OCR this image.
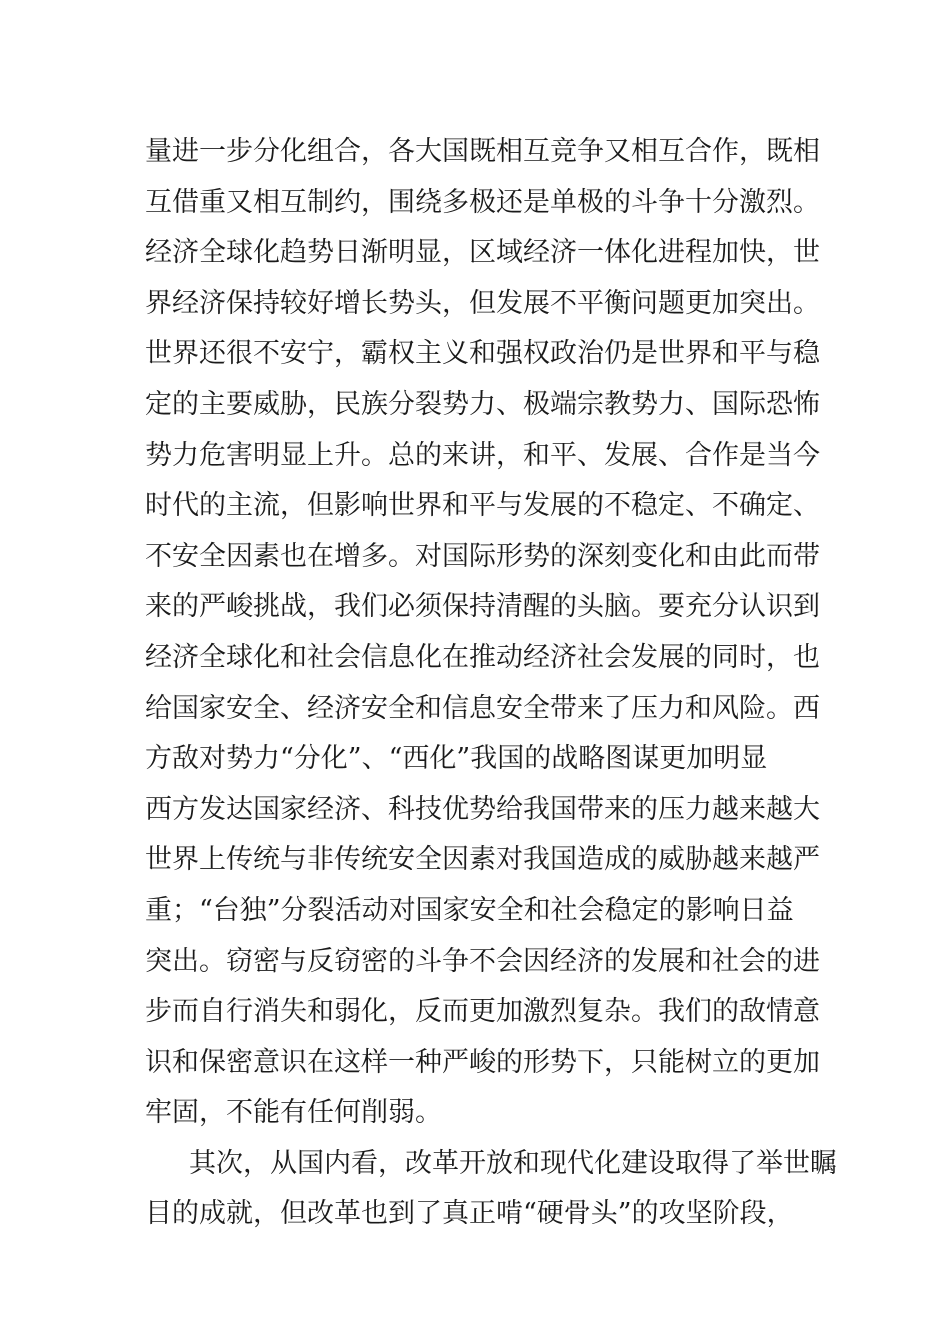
量进一步分化组合，各大国既相互竞争又相互合作，既相
互借重又相互制约，围绕多极还是单极的斗争十分激烈。
经济全球化趋势日渐明显，区域经济一体化进程加快，世
界经济保持较好增长势头，但发展不平衡问题更加突出。
世界还很不安宁，霸权主义和强权政治仍是世界和平与稳
定的主要威胁，民族分裂势力、极端宗教势力、国际恐怖
势力危害明显上升。总的来讲，和平、发展、合作是当今
时代的主流，但影响世界和平与发展的不稳定、不确定、
不安全因素也在增多。对国际形势的深刻变化和由此而带
来的严峻挑战，我们必须保持清醒的头脑。要充分认识到
经济全球化和社会信息化在推动经济社会发展的同时，也
给国家安全、经济安全和信息安全带来了压力和风险。西
方敌对势力“分化”、“西化”我国的战略图谋更加明显
西方发达国家经济、科技优势给我国带来的压力越来越大
世界上传统与非传统安全因素对我国造成的威胁越来越严
重；“台独”分裂活动对国家安全和社会稳定的影响日益
突出。窃密与反窃密的斗争不会因经济的发展和社会的进
步而自行消失和弱化，反而更加激烈复杂。我们的敌情意
识和保密意识在这样一种严峻的形势下，只能树立的更加
牢固，不能有任何削弱。
其次，从国内看，改革开放和现代化建设取得了举世瞩
目的成就，但改革也到了真正啃“硬骨头”的攻坚阶段，
